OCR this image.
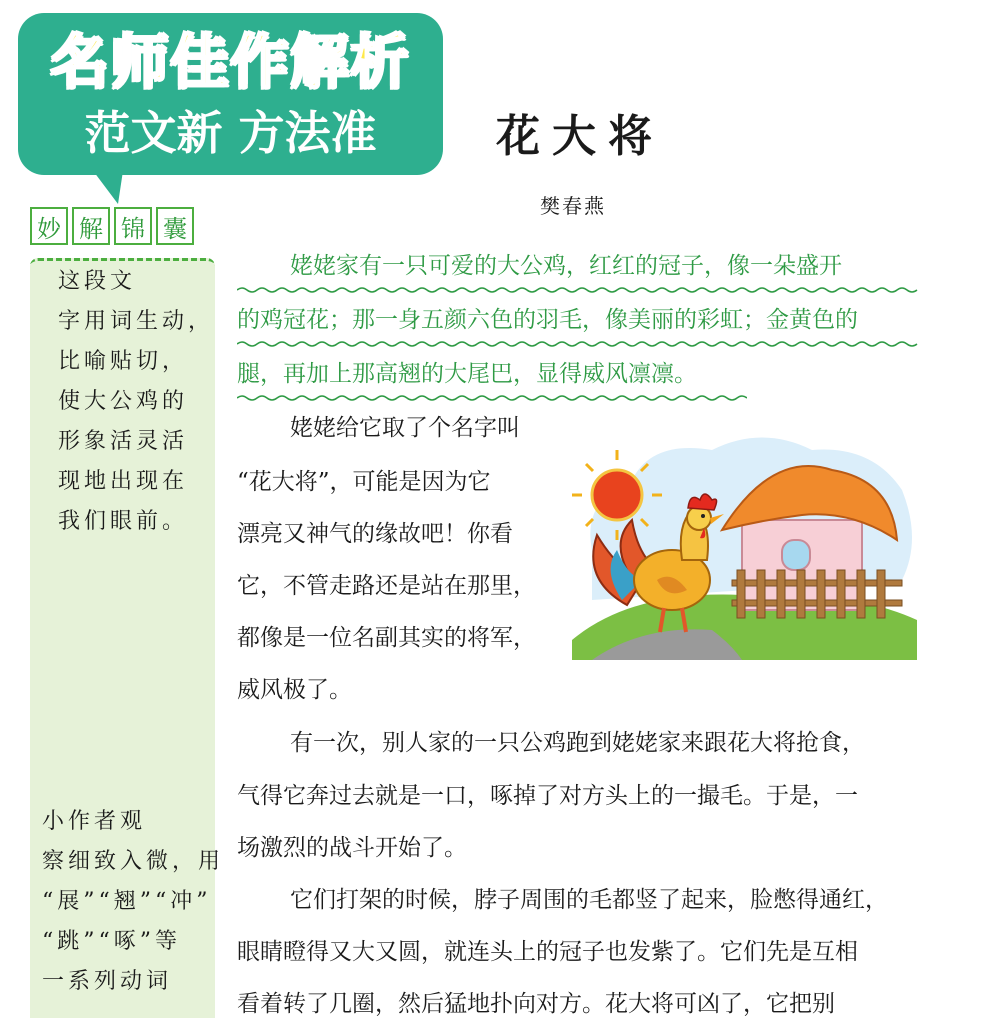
名师佳作解析
范文新 方法准
妙 解 锦 囊
这段文
字用词生动，
比喻贴切，
使大公鸡的
形象活灵活
现地出现在
我们眼前。
小作者观
察细致入微，用
“展”“翘”“冲”
“跳”“啄”等
一系列动词
花大将
樊春燕
姥姥家有一只可爱的大公鸡，红红的冠子，像一朵盛开
的鸡冠花；那一身五颜六色的羽毛，像美丽的彩虹；金黄色的
腿，再加上那高翘的大尾巴，显得威风凛凛。
姥姥给它取了个名字叫
“花大将”，可能是因为它
漂亮又神气的缘故吧！你看
它，不管走路还是站在那里，
都像是一位名副其实的将军，
威风极了。
有一次，别人家的一只公鸡跑到姥姥家来跟花大将抢食，
气得它奔过去就是一口，啄掉了对方头上的一撮毛。于是，一
场激烈的战斗开始了。
它们打架的时候，脖子周围的毛都竖了起来，脸憋得通红，
眼睛瞪得又大又圆，就连头上的冠子也发紫了。它们先是互相
看着转了几圈，然后猛地扑向对方。花大将可凶了，它把别
